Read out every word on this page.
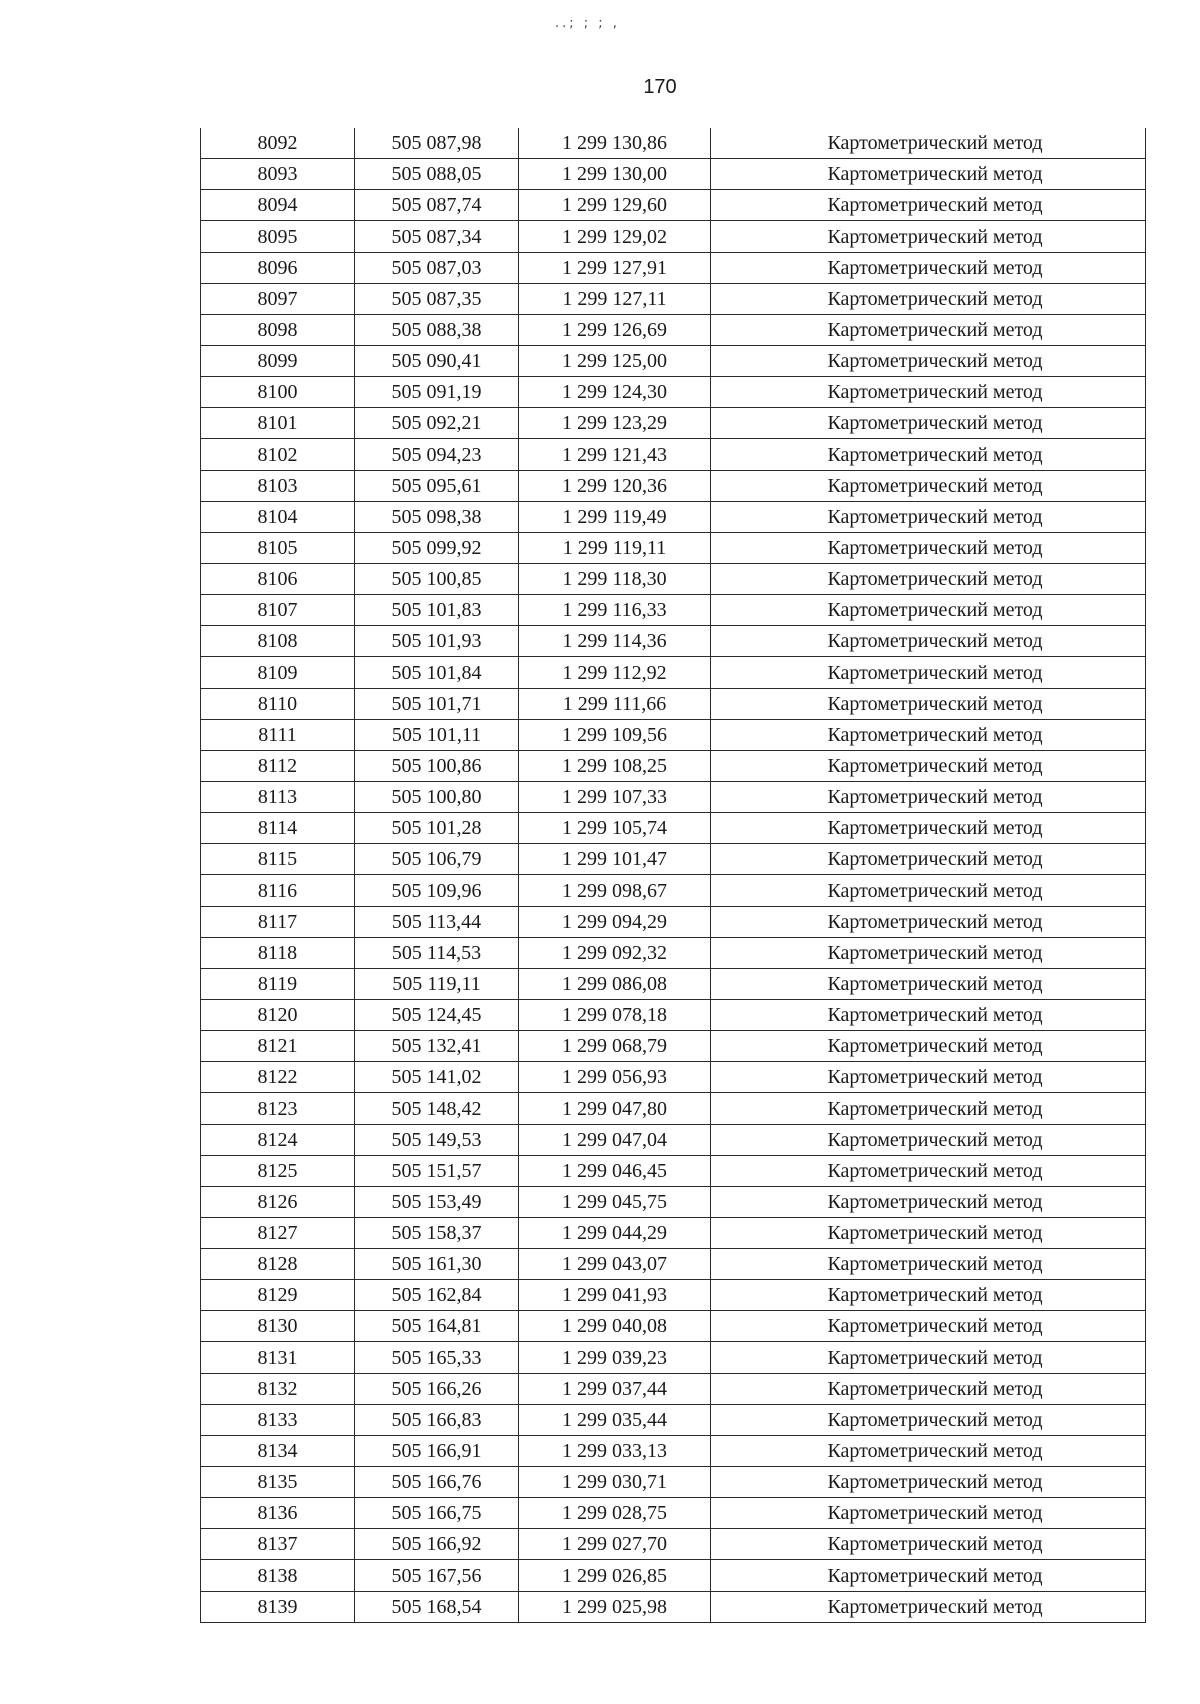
..; ; ; ,
170
8092	505 087,98	1 299 130,86	Картометрический метод
8093	505 088,05	1 299 130,00	Картометрический метод
8094	505 087,74	1 299 129,60	Картометрический метод
8095	505 087,34	1 299 129,02	Картометрический метод
8096	505 087,03	1 299 127,91	Картометрический метод
8097	505 087,35	1 299 127,11	Картометрический метод
8098	505 088,38	1 299 126,69	Картометрический метод
8099	505 090,41	1 299 125,00	Картометрический метод
8100	505 091,19	1 299 124,30	Картометрический метод
8101	505 092,21	1 299 123,29	Картометрический метод
8102	505 094,23	1 299 121,43	Картометрический метод
8103	505 095,61	1 299 120,36	Картометрический метод
8104	505 098,38	1 299 119,49	Картометрический метод
8105	505 099,92	1 299 119,11	Картометрический метод
8106	505 100,85	1 299 118,30	Картометрический метод
8107	505 101,83	1 299 116,33	Картометрический метод
8108	505 101,93	1 299 114,36	Картометрический метод
8109	505 101,84	1 299 112,92	Картометрический метод
8110	505 101,71	1 299 111,66	Картометрический метод
8111	505 101,11	1 299 109,56	Картометрический метод
8112	505 100,86	1 299 108,25	Картометрический метод
8113	505 100,80	1 299 107,33	Картометрический метод
8114	505 101,28	1 299 105,74	Картометрический метод
8115	505 106,79	1 299 101,47	Картометрический метод
8116	505 109,96	1 299 098,67	Картометрический метод
8117	505 113,44	1 299 094,29	Картометрический метод
8118	505 114,53	1 299 092,32	Картометрический метод
8119	505 119,11	1 299 086,08	Картометрический метод
8120	505 124,45	1 299 078,18	Картометрический метод
8121	505 132,41	1 299 068,79	Картометрический метод
8122	505 141,02	1 299 056,93	Картометрический метод
8123	505 148,42	1 299 047,80	Картометрический метод
8124	505 149,53	1 299 047,04	Картометрический метод
8125	505 151,57	1 299 046,45	Картометрический метод
8126	505 153,49	1 299 045,75	Картометрический метод
8127	505 158,37	1 299 044,29	Картометрический метод
8128	505 161,30	1 299 043,07	Картометрический метод
8129	505 162,84	1 299 041,93	Картометрический метод
8130	505 164,81	1 299 040,08	Картометрический метод
8131	505 165,33	1 299 039,23	Картометрический метод
8132	505 166,26	1 299 037,44	Картометрический метод
8133	505 166,83	1 299 035,44	Картометрический метод
8134	505 166,91	1 299 033,13	Картометрический метод
8135	505 166,76	1 299 030,71	Картометрический метод
8136	505 166,75	1 299 028,75	Картометрический метод
8137	505 166,92	1 299 027,70	Картометрический метод
8138	505 167,56	1 299 026,85	Картометрический метод
8139	505 168,54	1 299 025,98	Картометрический метод
